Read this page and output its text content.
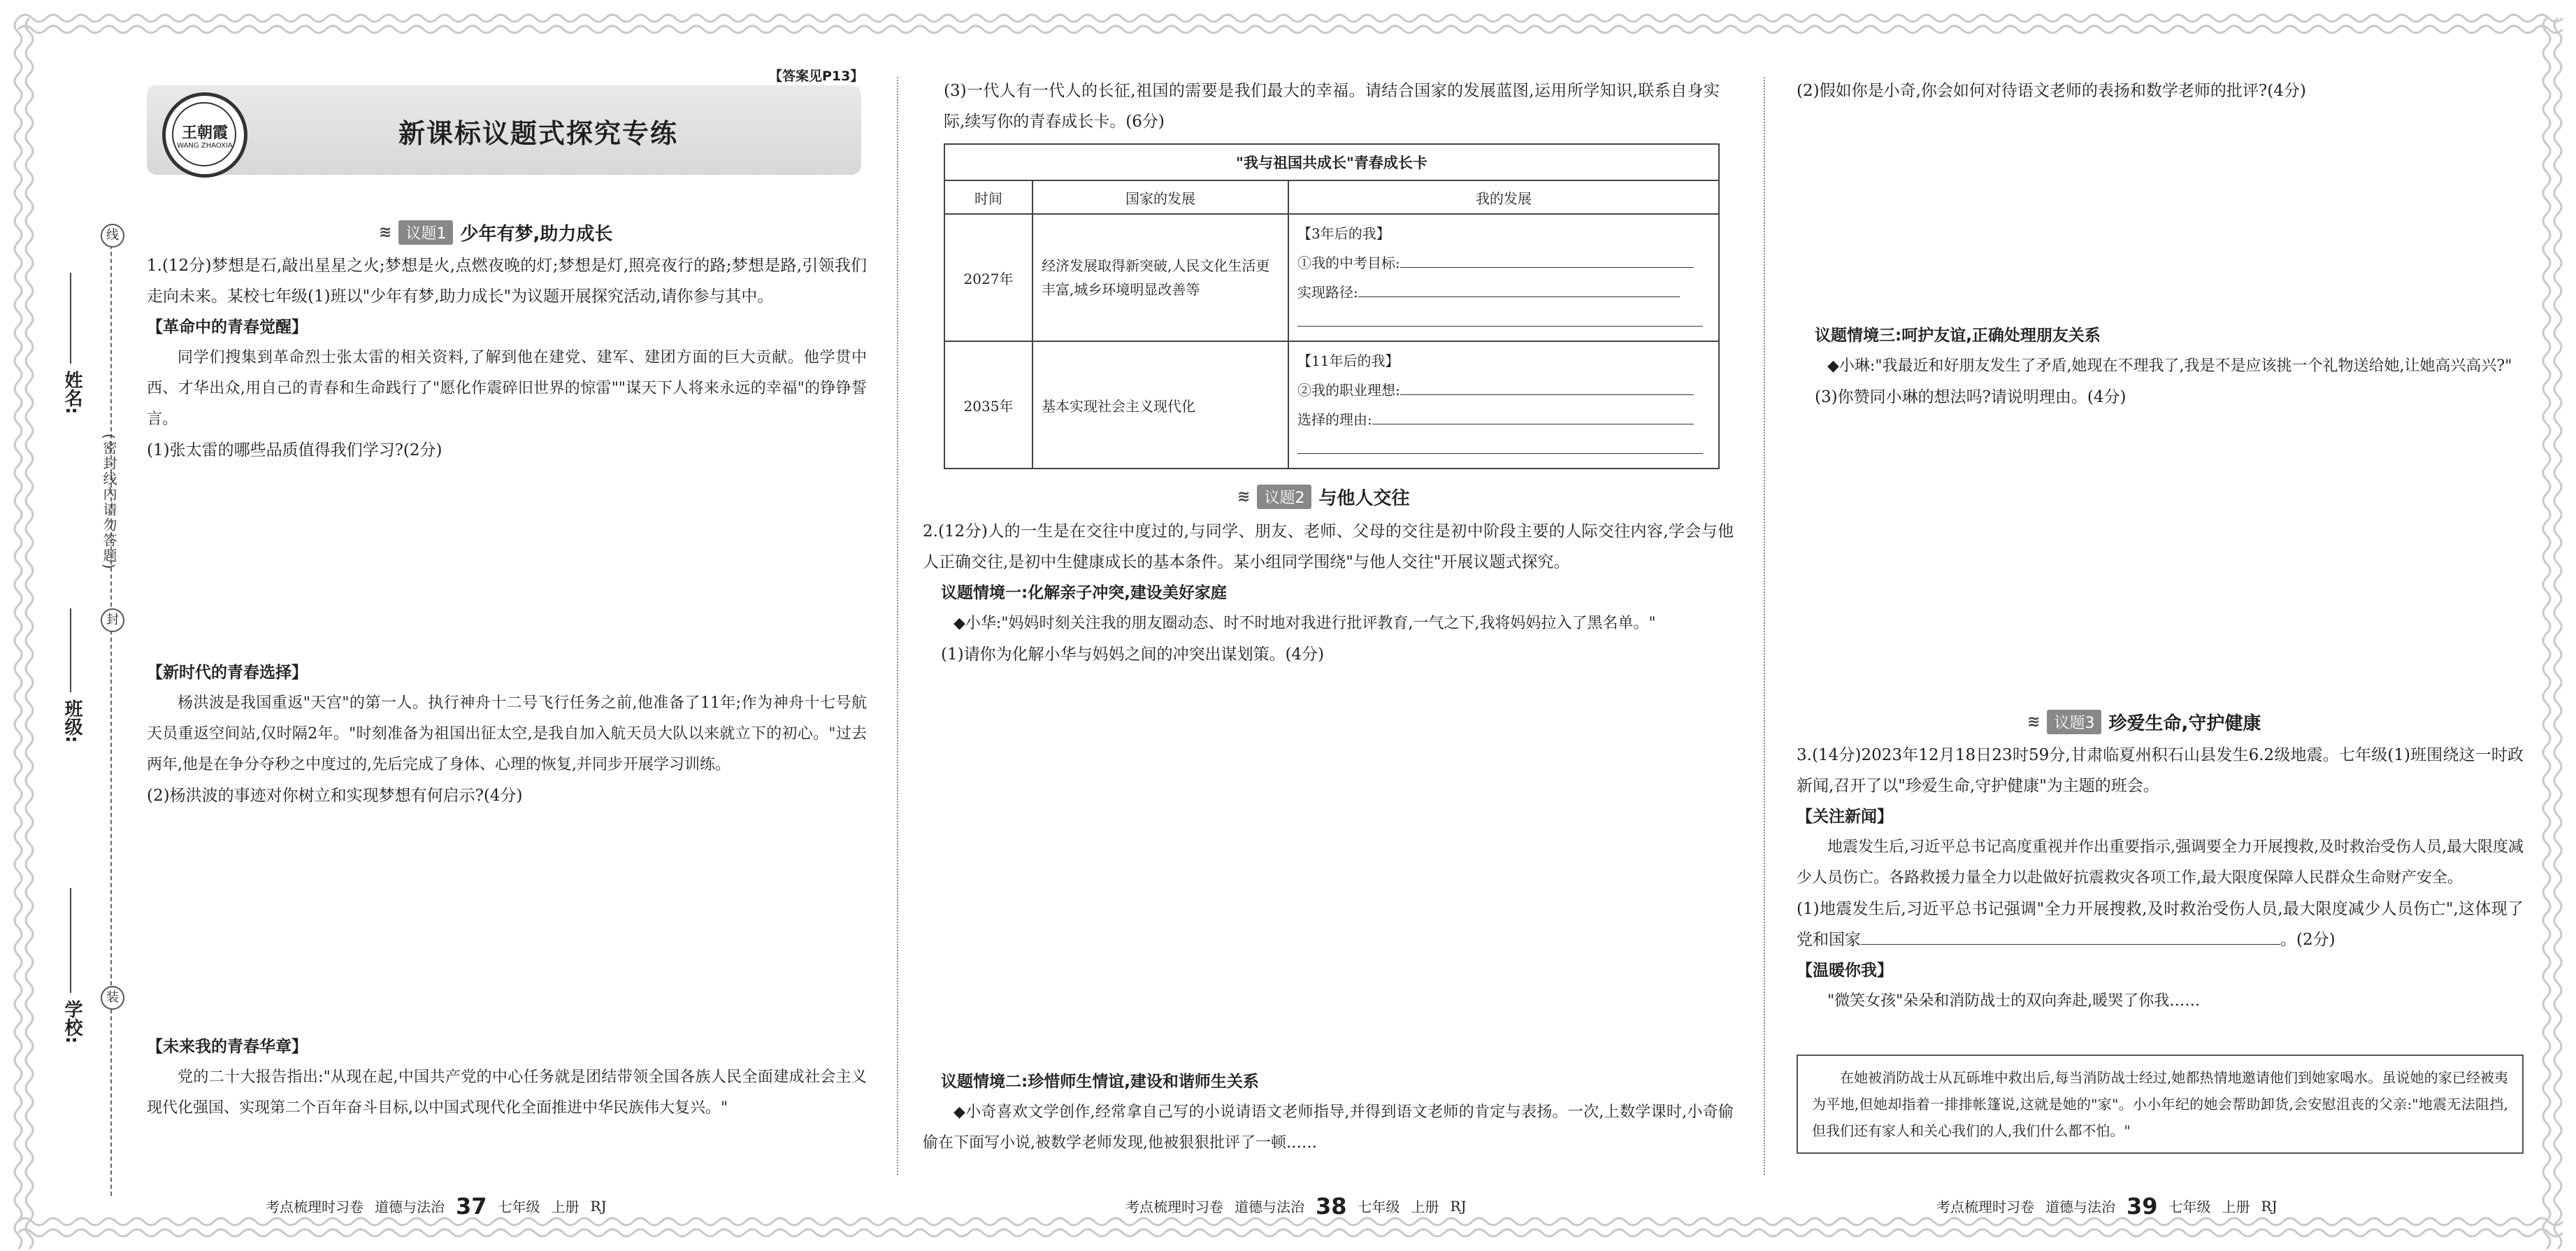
线
姓名:
封
班级:
装
学校:
(密封线内请勿答题)
【答案见P13】
王朝霞
WANG ZHAOXIA	新课标议题式探究专练
≋ 议题1 少年有梦,助力成长

1.(12分)梦想是石,敲出星星之火;梦想是火,点燃夜晚的灯;梦想是灯,照亮夜行的路;梦想是路,引领我们走向未来。某校七年级(1)班以"少年有梦,助力成长"为议题开展探究活动,请你参与其中。

【革命中的青春觉醒】

同学们搜集到革命烈士张太雷的相关资料,了解到他在建党、建军、建团方面的巨大贡献。他学贯中西、才华出众,用自己的青春和生命践行了"愿化作震碎旧世界的惊雷""谋天下人将来永远的幸福"的铮铮誓言。

(1)张太雷的哪些品质值得我们学习?(2分)

【新时代的青春选择】

杨洪波是我国重返"天宫"的第一人。执行神舟十二号飞行任务之前,他准备了11年;作为神舟十七号航天员重返空间站,仅时隔2年。"时刻准备为祖国出征太空,是我自加入航天员大队以来就立下的初心。"过去两年,他是在争分夺秒之中度过的,先后完成了身体、心理的恢复,并同步开展学习训练。

(2)杨洪波的事迹对你树立和实现梦想有何启示?(4分)

【未来我的青春华章】

党的二十大报告指出:"从现在起,中国共产党的中心任务就是团结带领全国各族人民全面建成社会主义现代化强国、实现第二个百年奋斗目标,以中国式现代化全面推进中华民族伟大复兴。"

考点梳理时习卷 道德与法治 37 七年级 上册 RJ

(3)一代人有一代人的长征,祖国的需要是我们最大的幸福。请结合国家的发展蓝图,运用所学知识,联系自身实际,续写你的青春成长卡。(6分)

"我与祖国共成长"青春成长卡		
时间	国家的发展	我的发展
2027年	经济发展取得新突破,人民文化生活更丰富,城乡环境明显改善等	【3年后的我】
①我的中考目标:
实现路径:

2035年	基本实现社会主义现代化	【11年后的我】
②我的职业理想:
选择的理由:
≋ 议题2 与他人交往

2.(12分)人的一生是在交往中度过的,与同学、朋友、老师、父母的交往是初中阶段主要的人际交往内容,学会与他人正确交往,是初中生健康成长的基本条件。某小组同学围绕"与他人交往"开展议题式探究。

议题情境一:化解亲子冲突,建设美好家庭

◆小华:"妈妈时刻关注我的朋友圈动态、时不时地对我进行批评教育,一气之下,我将妈妈拉入了黑名单。"

(1)请你为化解小华与妈妈之间的冲突出谋划策。(4分)

议题情境二:珍惜师生情谊,建设和谐师生关系

◆小奇喜欢文学创作,经常拿自己写的小说请语文老师指导,并得到语文老师的肯定与表扬。一次,上数学课时,小奇偷偷在下面写小说,被数学老师发现,他被狠狠批评了一顿……

考点梳理时习卷 道德与法治 38 七年级 上册 RJ

(2)假如你是小奇,你会如何对待语文老师的表扬和数学老师的批评?(4分)

议题情境三:呵护友谊,正确处理朋友关系

◆小琳:"我最近和好朋友发生了矛盾,她现在不理我了,我是不是应该挑一个礼物送给她,让她高兴高兴?"

(3)你赞同小琳的想法吗?请说明理由。(4分)

≋ 议题3 珍爱生命,守护健康

3.(14分)2023年12月18日23时59分,甘肃临夏州积石山县发生6.2级地震。七年级(1)班围绕这一时政新闻,召开了以"珍爱生命,守护健康"为主题的班会。

【关注新闻】

地震发生后,习近平总书记高度重视并作出重要指示,强调要全力开展搜救,及时救治受伤人员,最大限度减少人员伤亡。各路救援力量全力以赴做好抗震救灾各项工作,最大限度保障人民群众生命财产安全。

(1)地震发生后,习近平总书记强调"全力开展搜救,及时救治受伤人员,最大限度减少人员伤亡",这体现了党和国家	。(2分)

【温暖你我】

"微笑女孩"朵朵和消防战士的双向奔赴,暖哭了你我……

在她被消防战士从瓦砾堆中救出后,每当消防战士经过,她都热情地邀请他们到她家喝水。虽说她的家已经被夷为平地,但她却指着一排排帐篷说,这就是她的"家"。小小年纪的她会帮助卸货,会安慰沮丧的父亲:"地震无法阻挡,但我们还有家人和关心我们的人,我们什么都不怕。"

考点梳理时习卷 道德与法治 39 七年级 上册 RJ
